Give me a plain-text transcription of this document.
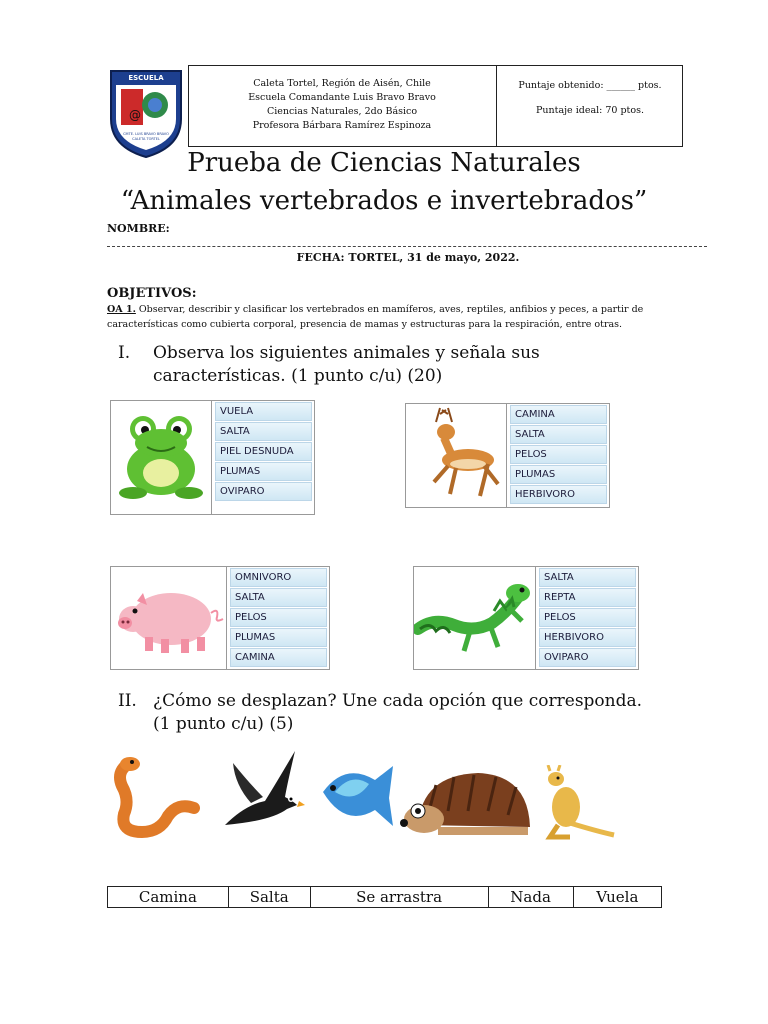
@
ESCUELA
CMTE. LUIS BRAVO BRAVO
CALETA TORTEL
Caleta Tortel, Región de Aisén, Chile
Escuela Comandante Luis Bravo Bravo
Ciencias Naturales, 2do Básico
Profesora Bárbara Ramírez Espinoza
Puntaje obtenido: ______ ptos.
Puntaje ideal: 70 ptos.
Prueba de Ciencias Naturales
“Animales vertebrados e invertebrados”
NOMBRE:
FECHA: TORTEL, 31 de mayo, 2022.
OBJETIVOS:
OA 1. Observar, describir y clasificar los vertebrados en mamíferos, aves, reptiles, anfibios y peces, a partir de características como cubierta corporal, presencia de mamas y estructuras para la respiración, entre otras.
I. Observa los siguientes animales y señala sus características. (1 punto c/u) (20)
VUELA
SALTA
PIEL DESNUDA
PLUMAS
OVIPARO
CAMINA
SALTA
PELOS
PLUMAS
HERBIVORO
OMNIVORO
SALTA
PELOS
PLUMAS
CAMINA
SALTA
REPTA
PELOS
HERBIVORO
OVIPARO
II. ¿Cómo se desplazan? Une cada opción que corresponda. (1 punto c/u) (5)
Camina	Salta	Se arrastra	Nada	Vuela
